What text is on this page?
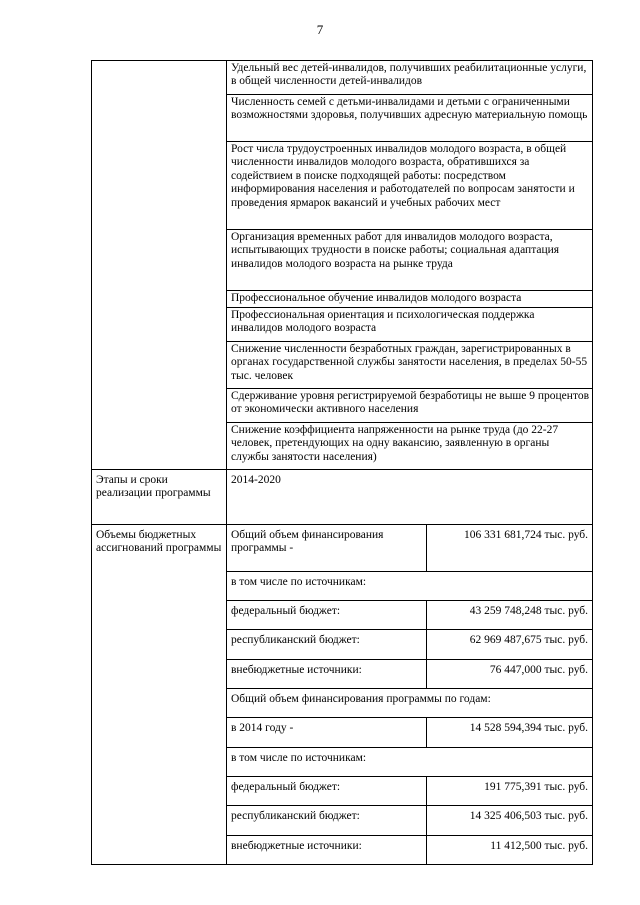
7
	Удельный вес детей-инвалидов, получивших реабилитационные услуги, в общей численности детей-инвалидов	
	Численность семей с детьми-инвалидами и детьми с ограниченными возможностями здоровья, получивших адресную материальную помощь	
	Рост числа трудоустроенных инвалидов молодого возраста, в общей численности инвалидов молодого возраста, обратившихся за содействием в поиске подходящей работы: посредством информирования населения и работодателей по вопросам занятости и проведения ярмарок вакансий и учебных рабочих мест	
	Организация временных работ для инвалидов молодого возраста, испытывающих трудности в поиске работы; социальная адаптация инвалидов молодого возраста на рынке труда	
	Профессиональное обучение инвалидов молодого возраста	
	Профессиональная ориентация и психологическая поддержка инвалидов молодого возраста	
	Снижение численности безработных граждан, зарегистрированных в органах государственной службы занятости населения, в пределах 50-55 тыс. человек	
	Сдерживание уровня регистрируемой безработицы не выше 9 процентов от экономически активного населения	
	Снижение коэффициента напряженности на рынке труда (до 22-27 человек, претендующих на одну вакансию, заявленную в органы службы занятости населения)	
Этапы и сроки реализации программы	2014-2020	
Объемы бюджетных ассигнований программы	Общий объем финансирования программы -	106 331 681,724 тыс. руб.
	в том числе по источникам:	
	федеральный бюджет:	43 259 748,248 тыс. руб.
	республиканский бюджет:	62 969 487,675 тыс. руб.
	внебюджетные источники:	76 447,000 тыс. руб.
	Общий объем финансирования программы по годам:	
	в 2014 году -	14 528 594,394 тыс. руб.
	в том числе по источникам:	
	федеральный бюджет:	191 775,391 тыс. руб.
	республиканский бюджет:	14 325 406,503 тыс. руб.
	внебюджетные источники:	11 412,500 тыс. руб.
